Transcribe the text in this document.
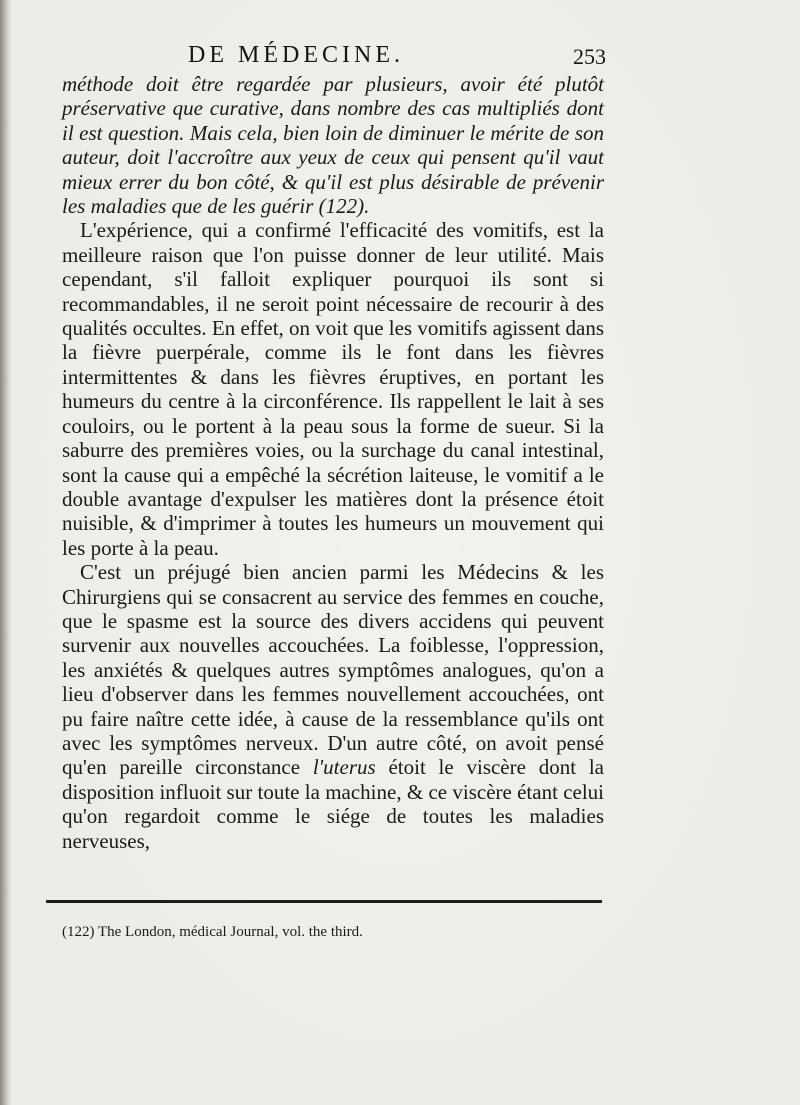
DE MÉDECINE.	253

méthode doit être regardée par plusieurs, avoir été plutôt préservative que curative, dans nombre des cas multipliés dont il est question. Mais cela, bien loin de diminuer le mérite de son auteur, doit l'accroître aux yeux de ceux qui pensent qu'il vaut mieux errer du bon côté, & qu'il est plus désirable de prévenir les maladies que de les guérir (122).

L'expérience, qui a confirmé l'efficacité des vomitifs, est la meilleure raison que l'on puisse donner de leur utilité. Mais cependant, s'il falloit expliquer pourquoi ils sont si recommandables, il ne seroit point nécessaire de recourir à des qualités occultes. En effet, on voit que les vomitifs agissent dans la fièvre puerpérale, comme ils le font dans les fièvres intermittentes & dans les fièvres éruptives, en portant les humeurs du centre à la circonférence. Ils rappellent le lait à ses couloirs, ou le portent à la peau sous la forme de sueur. Si la saburre des premières voies, ou la surchage du canal intestinal, sont la cause qui a empêché la sécrétion laiteuse, le vomitif a le double avantage d'expulser les matières dont la présence étoit nuisible, & d'imprimer à toutes les humeurs un mouvement qui les porte à la peau.

C'est un préjugé bien ancien parmi les Médecins & les Chirurgiens qui se consacrent au service des femmes en couche, que le spasme est la source des divers accidens qui peuvent survenir aux nouvelles accouchées. La foiblesse, l'oppression, les anxiétés & quelques autres symptômes analogues, qu'on a lieu d'observer dans les femmes nouvellement accouchées, ont pu faire naître cette idée, à cause de la ressemblance qu'ils ont avec les symptômes nerveux. D'un autre côté, on avoit pensé qu'en pareille circonstance l'uterus étoit le viscère dont la disposition influoit sur toute la machine, & ce viscère étant celui qu'on regardoit comme le siége de toutes les maladies nerveuses,

(122) The London, médical Journal, vol. the third.
